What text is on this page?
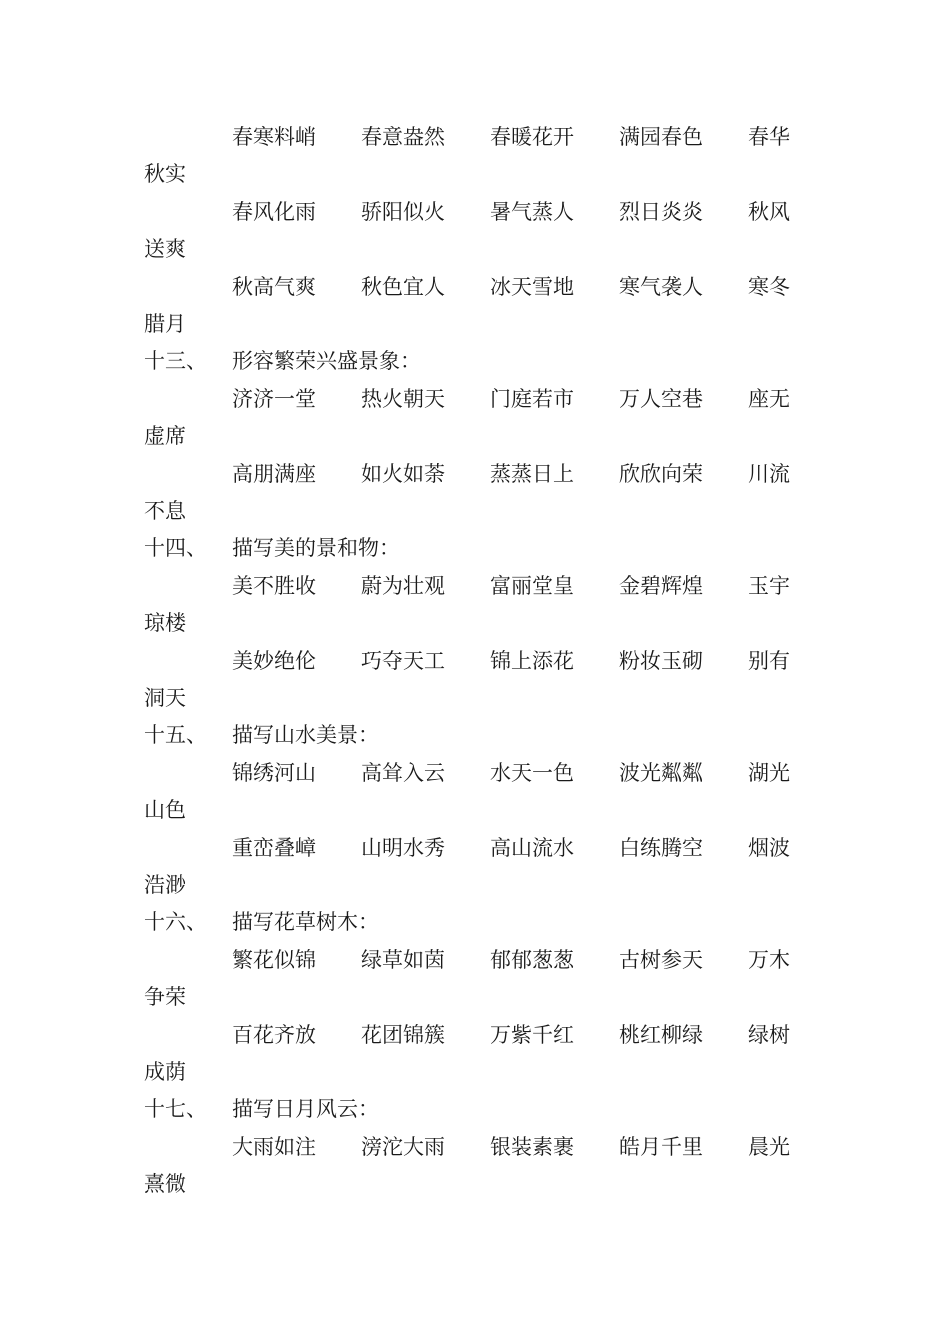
春寒料峭 春意盎然 春暖花开 满园春色 春华
秋实
春风化雨 骄阳似火 暑气蒸人 烈日炎炎 秋风
送爽
秋高气爽 秋色宜人 冰天雪地 寒气袭人 寒冬
腊月
十三、 形容繁荣兴盛景象：
济济一堂 热火朝天 门庭若市 万人空巷 座无
虚席
高朋满座 如火如荼 蒸蒸日上 欣欣向荣 川流
不息
十四、 描写美的景和物：
美不胜收 蔚为壮观 富丽堂皇 金碧辉煌 玉宇
琼楼
美妙绝伦 巧夺天工 锦上添花 粉妆玉砌 别有
洞天
十五、 描写山水美景：
锦绣河山 高耸入云 水天一色 波光粼粼 湖光
山色
重峦叠嶂 山明水秀 高山流水 白练腾空 烟波
浩渺
十六、 描写花草树木：
繁花似锦 绿草如茵 郁郁葱葱 古树参天 万木
争荣
百花齐放 花团锦簇 万紫千红 桃红柳绿 绿树
成荫
十七、 描写日月风云：
大雨如注 滂沱大雨 银装素裹 皓月千里 晨光
熹微
